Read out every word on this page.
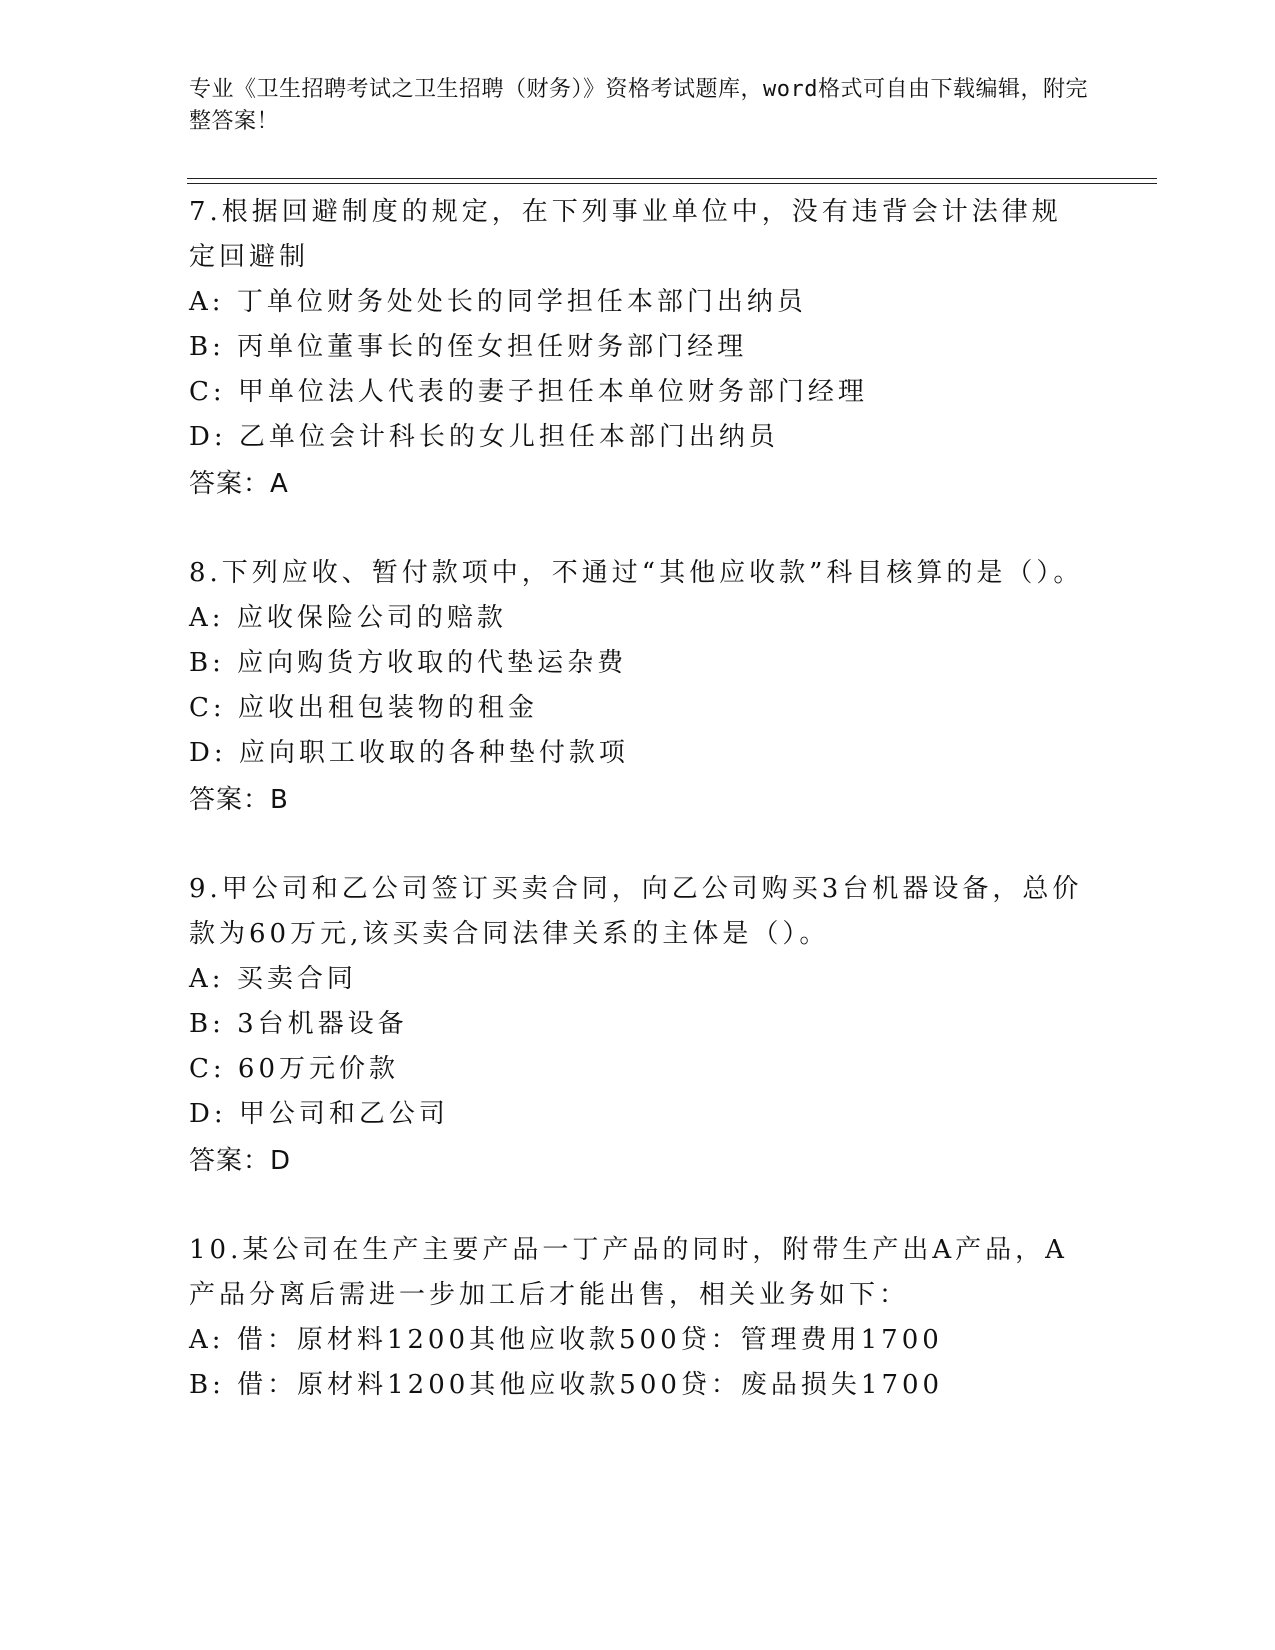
专业《卫生招聘考试之卫生招聘（财务）》资格考试题库，word格式可自由下载编辑，附完整答案！
7.根据回避制度的规定，在下列事业单位中，没有违背会计法律规定回避制
A: 丁单位财务处处长的同学担任本部门出纳员
B: 丙单位董事长的侄女担任财务部门经理
C: 甲单位法人代表的妻子担任本单位财务部门经理
D: 乙单位会计科长的女儿担任本部门出纳员
答案：A
8.下列应收、暂付款项中，不通过“其他应收款”科目核算的是（）。
A: 应收保险公司的赔款
B: 应向购货方收取的代垫运杂费
C: 应收出租包装物的租金
D: 应向职工收取的各种垫付款项
答案：B
9.甲公司和乙公司签订买卖合同，向乙公司购买3台机器设备，总价款为60万元,该买卖合同法律关系的主体是（）。
A: 买卖合同
B: 3台机器设备
C: 60万元价款
D: 甲公司和乙公司
答案：D
10.某公司在生产主要产品一丁产品的同时，附带生产出A产品，A产品分离后需进一步加工后才能出售，相关业务如下：
A: 借：原材料1200其他应收款500贷：管理费用1700
B: 借：原材料1200其他应收款500贷：废品损失1700
